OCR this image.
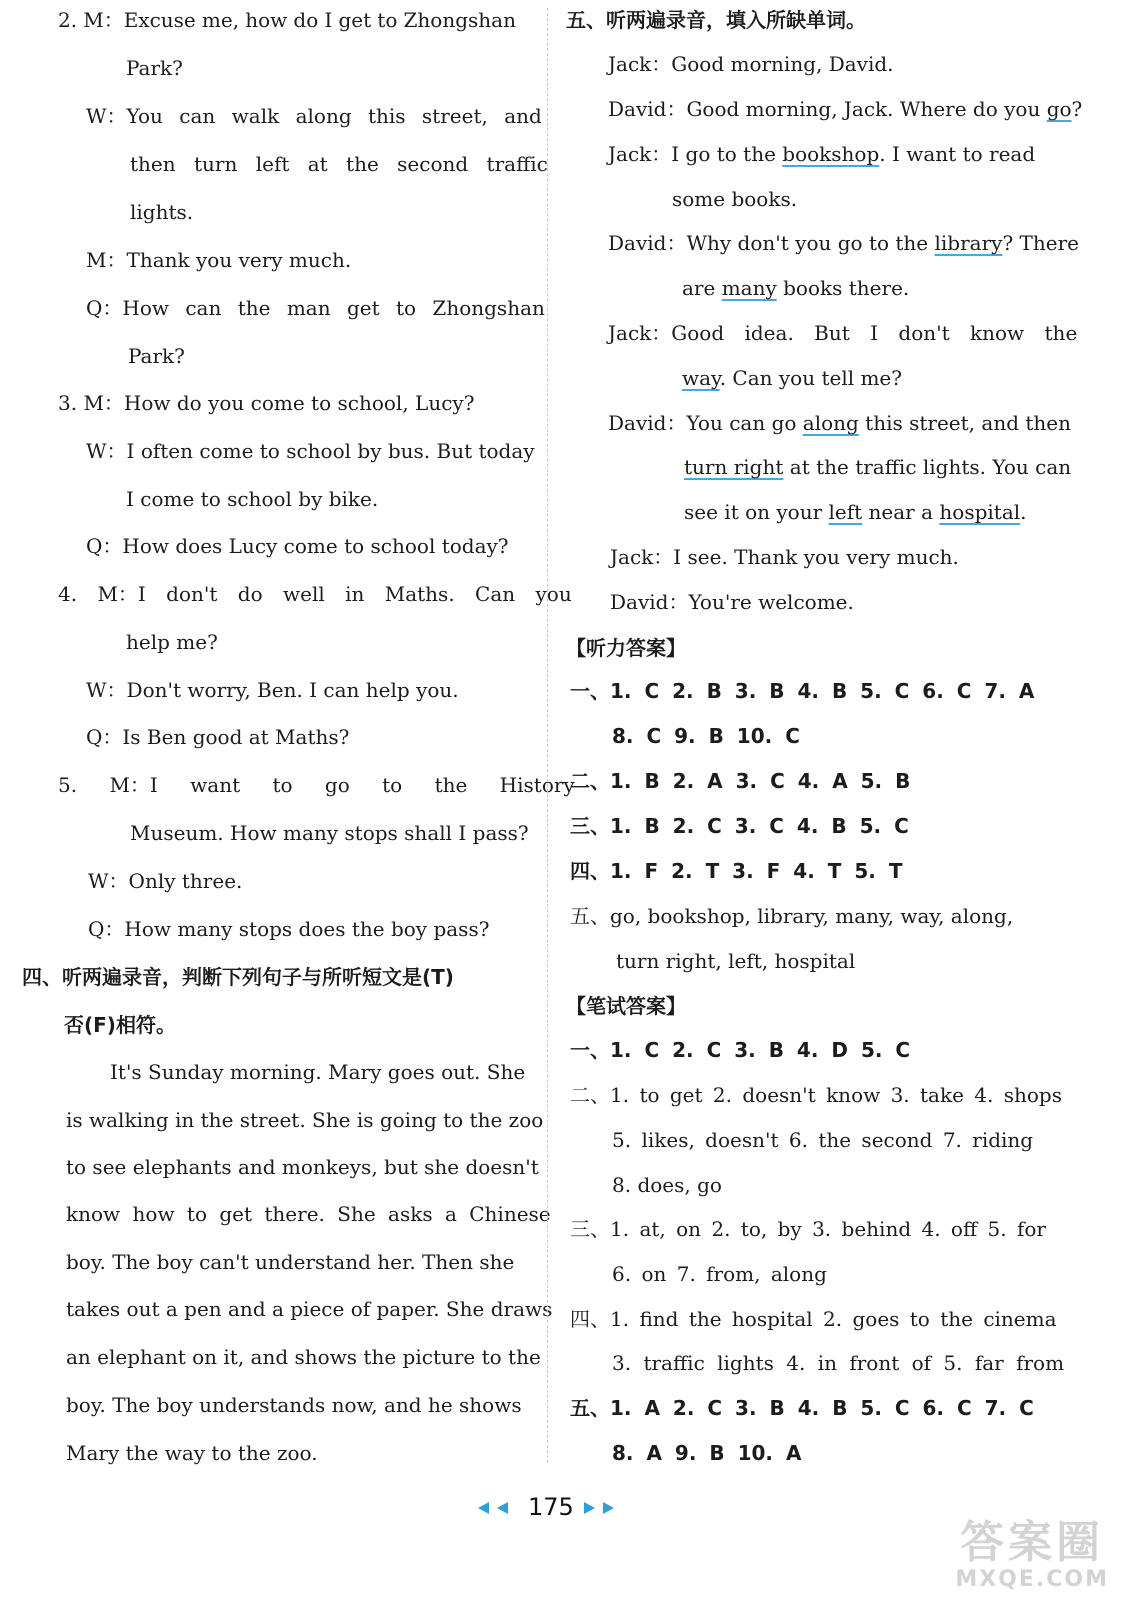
2. M：Excuse me, how do I get to Zhongshan
Park?
W：You can walk along this street, and
then turn left at the second traffic
lights.
M：Thank you very much.
Q：How can the man get to Zhongshan
Park?
3. M：How do you come to school, Lucy?
W：I often come to school by bus. But today
I come to school by bike.
Q：How does Lucy come to school today?
4. M：I don't do well in Maths. Can you
help me?
W：Don't worry, Ben. I can help you.
Q：Is Ben good at Maths?
5. M：I want to go to the History
Museum. How many stops shall I pass?
W：Only three.
Q：How many stops does the boy pass?
四、听两遍录音，判断下列句子与所听短文是(T)
否(F)相符。
It's Sunday morning. Mary goes out. She
is walking in the street. She is going to the zoo
to see elephants and monkeys, but she doesn't
know how to get there. She asks a Chinese
boy. The boy can't understand her. Then she
takes out a pen and a piece of paper. She draws
an elephant on it, and shows the picture to the
boy. The boy understands now, and he shows
Mary the way to the zoo.
五、听两遍录音，填入所缺单词。
Jack：Good morning, David.
David：Good morning, Jack. Where do you go?
Jack：I go to the bookshop. I want to read
some books.
David：Why don't you go to the library? There
are many books there.
Jack：Good idea. But I don't know the
way. Can you tell me?
David：You can go along this street, and then
turn right at the traffic lights. You can
see it on your left near a hospital.
Jack：I see. Thank you very much.
David：You're welcome.
【听力答案】
一、1. C 2. B 3. B 4. B 5. C 6. C 7. A
8. C 9. B 10. C
二、1. B 2. A 3. C 4. A 5. B
三、1. B 2. C 3. C 4. B 5. C
四、1. F 2. T 3. F 4. T 5. T
五、go, bookshop, library, many, way, along,
turn right, left, hospital
【笔试答案】
一、1. C 2. C 3. B 4. D 5. C
二、1. to get 2. doesn't know 3. take 4. shops
5. likes, doesn't 6. the second 7. riding
8. does, go
三、1. at, on 2. to, by 3. behind 4. off 5. for
6. on 7. from, along
四、1. find the hospital 2. goes to the cinema
3. traffic lights 4. in front of 5. far from
五、1. A 2. C 3. B 4. B 5. C 6. C 7. C
8. A 9. B 10. A
175
答案圈
MXQE.COM
